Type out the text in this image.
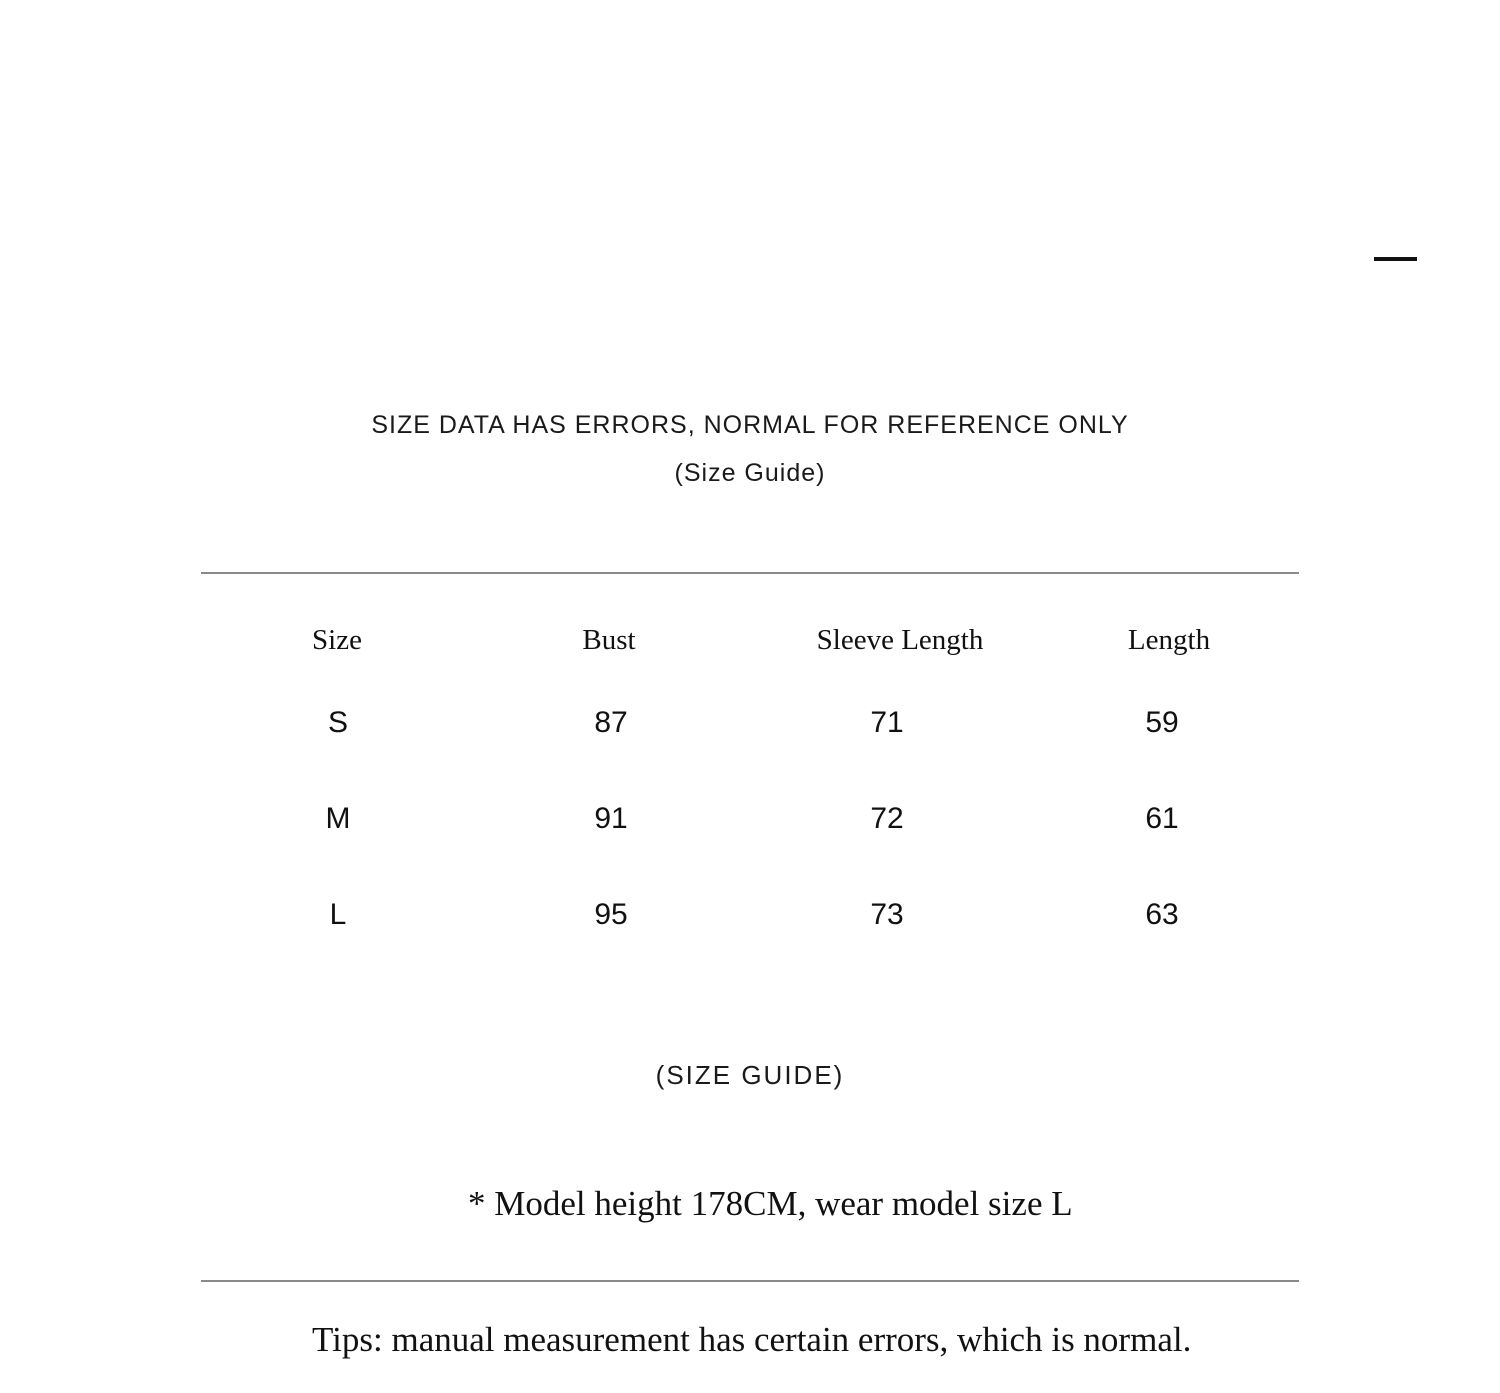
SIZE DATA HAS ERRORS, NORMAL FOR REFERENCE ONLY
(Size Guide)
Size	Bust	Sleeve Length	Length
S	87	71	59
M	91	72	61
L	95	73	63
(SIZE GUIDE)
* Model height 178CM, wear model size L
Tips: manual measurement has certain errors, which is normal.
